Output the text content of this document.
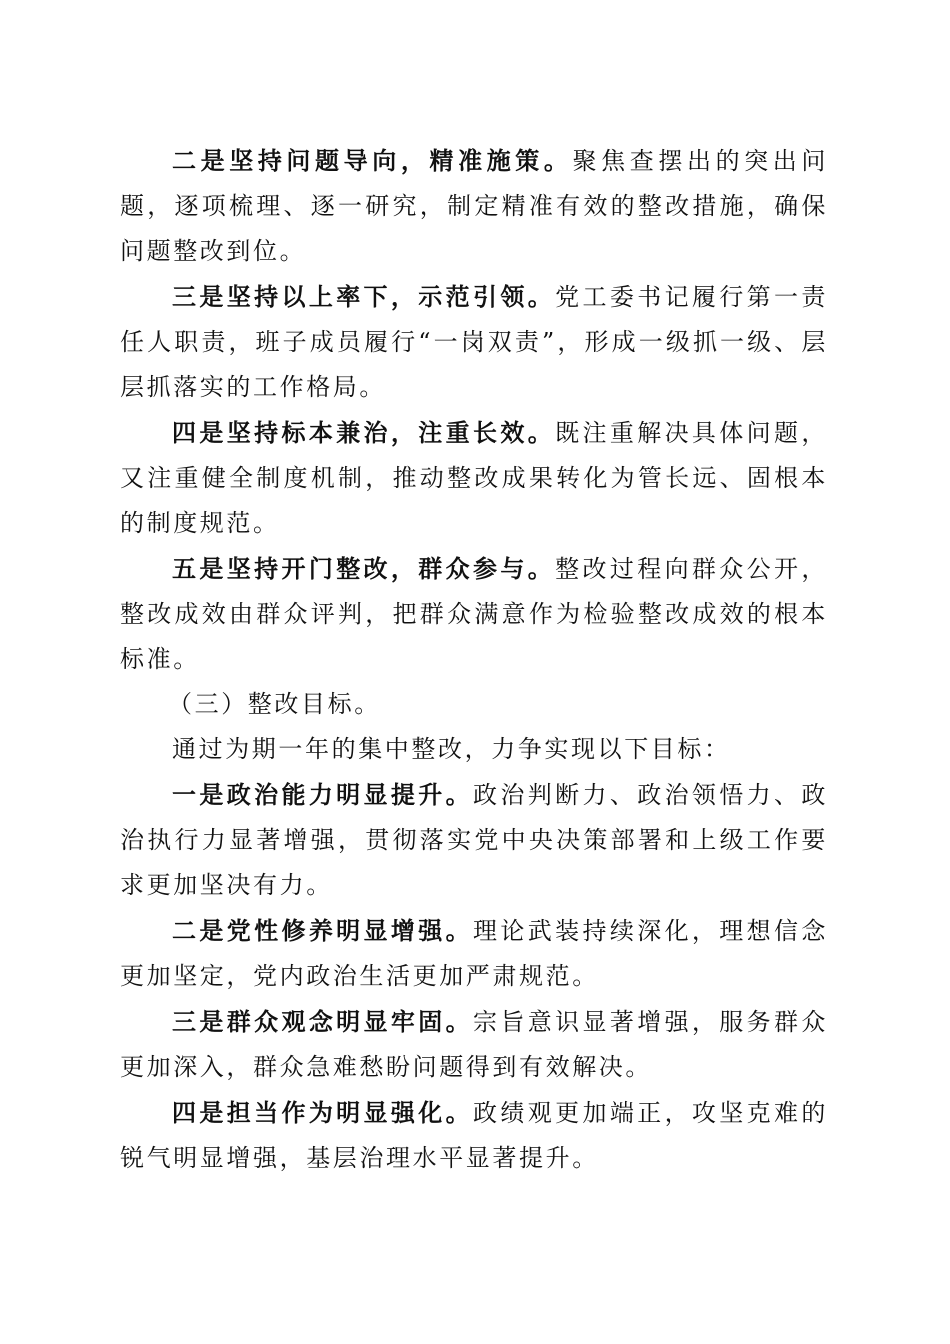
二是坚持问题导向，精准施策。聚焦查摆出的突出问题，逐项梳理、逐一研究，制定精准有效的整改措施，确保问题整改到位。

三是坚持以上率下，示范引领。党工委书记履行第一责任人职责，班子成员履行“一岗双责”，形成一级抓一级、层层抓落实的工作格局。

四是坚持标本兼治，注重长效。既注重解决具体问题，又注重健全制度机制，推动整改成果转化为管长远、固根本的制度规范。

五是坚持开门整改，群众参与。整改过程向群众公开，整改成效由群众评判，把群众满意作为检验整改成效的根本标准。

（三）整改目标。

通过为期一年的集中整改，力争实现以下目标：

一是政治能力明显提升。政治判断力、政治领悟力、政治执行力显著增强，贯彻落实党中央决策部署和上级工作要求更加坚决有力。

二是党性修养明显增强。理论武装持续深化，理想信念更加坚定，党内政治生活更加严肃规范。

三是群众观念明显牢固。宗旨意识显著增强，服务群众更加深入，群众急难愁盼问题得到有效解决。

四是担当作为明显强化。政绩观更加端正，攻坚克难的锐气明显增强，基层治理水平显著提升。
